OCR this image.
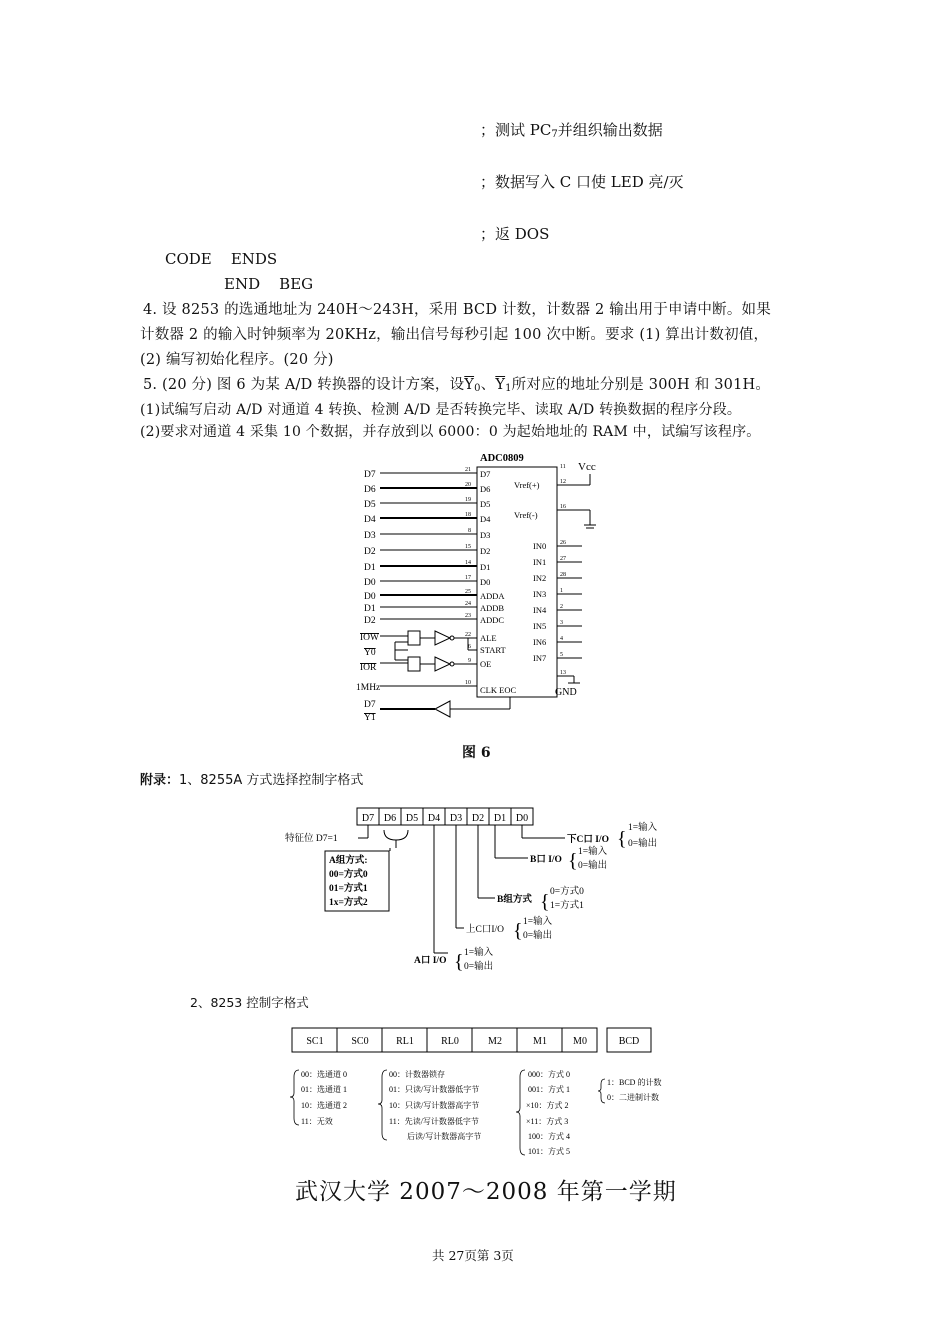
；测试 $PC_7$并组织输出数据
；数据写入 C 口使 LED 亮/灭
；返 DOS
CODE    ENDS
END    BEG
4. 设 8253 的选通地址为 240H～243H，采用 BCD 计数，计数器 2 输出用于申请中断。如果
计数器 2 的输入时钟频率为 20KHz，输出信号每秒引起 100 次中断。要求 (1) 算出计数初值，
(2) 编写初始化程序。(20 分)
5. (20 分) 图 6 为某 A/D 转换器的设计方案，设$\overline{Y}_0$、$\overline{Y}_1$所对应的地址分别是 300H 和 301H。
(1)试编写启动 A/D 对通道 4 转换、检测 A/D 是否转换完毕、读取 A/D 转换数据的程序分段。
(2)要求对通道 4 采集 10 个数据，并存放到以 6000：0 为起始地址的 RAM 中，试编写该程序。
ADC0809
Vcc
D7
D6
D5
D4
D3
D2
D1
D0
D0
D1
D2
IOW
Y0
IOR
1MHz
D7
Y1
21
20
19
18
8
15
14
17
25
24
23
22
6
9
10
11
12
16
26
27
28
1
2
3
4
5
13
D7
D6
D5
D4
D3
D2
D1
D0
ADDA
ADDB
ADDC
ALE
START
OE
CLK EOC
Vref(+)
Vref(-)
IN0
IN1
IN2
IN3
IN4
IN5
IN6
IN7
GND
图 6
附录：1、8255A 方式选择控制字格式
D7 D6 D5 D4 D3 D2 D1 D0
特征位 D7=1
A组方式:
00=方式0
01=方式1
1x=方式2
下C口 I/O
1=输入
0=输出
B口 I/O
1=输入
0=输出
B组方式
0=方式0
1=方式1
上C口I/O
1=输入
0=输出
A口 I/O
1=输入
0=输出
{
{
{
{
{
2、8253 控制字格式
SC1	SC0	RL1	RL0	M2	M1	M0	BCD
00：选通道 0
01：选通道 1
10：选通道 2
11：无效
00：计数器锁存
01：只读/写计数器低字节
10：只读/写计数器高字节
11：先读/写计数器低字节
后读/写计数器高字节
000：方式 0
001：方式 1
×10：方式 2
×11：方式 3
100：方式 4
101：方式 5
1：BCD 的计数
0：二进制计数
武汉大学 2007～2008 年第一学期
共 27页第 3页
